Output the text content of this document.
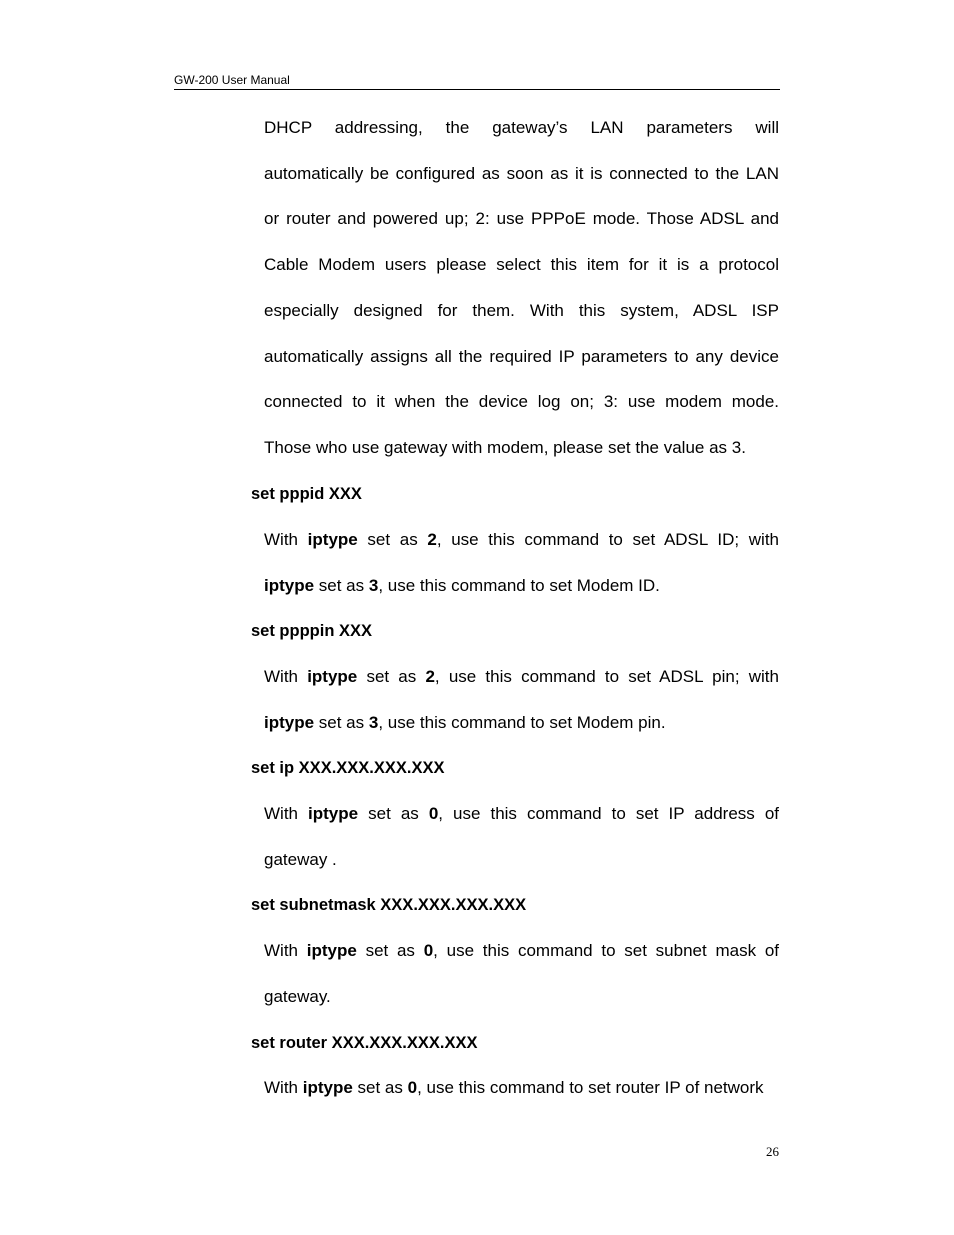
GW-200 User Manual
DHCP addressing, the gateway’s LAN parameters will
automatically be configured as soon as it is connected to the LAN
or router and powered up; 2: use PPPoE mode. Those ADSL and
Cable Modem users please select this item for it is a protocol
especially designed for them. With this system, ADSL ISP
automatically assigns all the required IP parameters to any device
connected to it when the device log on; 3: use modem mode.
Those who use gateway with modem, please set the value as 3.
set pppid XXX
With iptype set as 2, use this command to set ADSL ID; with
iptype set as 3, use this command to set Modem ID.
set ppppin XXX
With iptype set as 2, use this command to set ADSL pin; with
iptype set as 3, use this command to set Modem pin.
set ip XXX.XXX.XXX.XXX
With iptype set as 0, use this command to set IP address of
gateway .
set subnetmask XXX.XXX.XXX.XXX
With iptype set as 0, use this command to set subnet mask of
gateway.
set router XXX.XXX.XXX.XXX
With iptype set as 0, use this command to set router IP of network
26
